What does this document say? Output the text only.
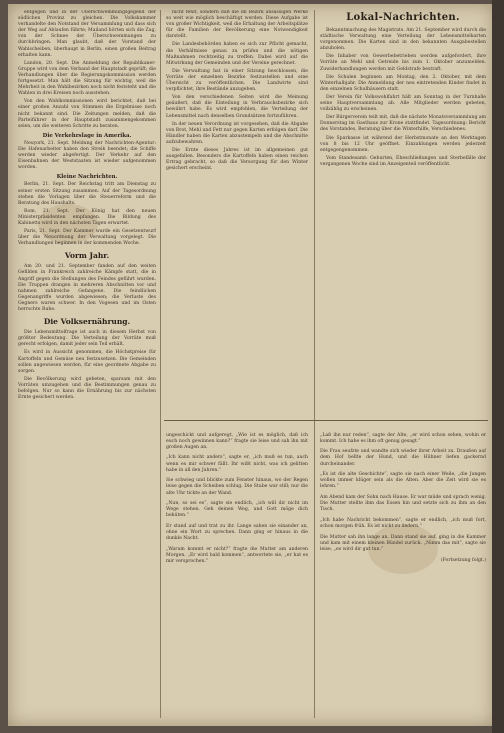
entgegen und in der Überschwemmungsgegend der südlichen Provinz zu gleichen. Die Volkskammer verhandelte den Notstand der Versammlung und dass sich der Weg auf Ablaufen führte; Mailand hörten sich die Zug, von der Schnee der Überschwemmungen zu durchbringen. Man glaubt, daß der Vorstand der Wahlscheiben, überhaupt in Berlin, einen großen Beitrag erhalten kann.

Landon, 20. Sept. Die Anmeldung der Republikaner-Gruppe wird von dem Verband der Hauptstadt geprüft; die Verhandlungen über die Regierungskommission werden fortgesetzt. Man hält die Sitzung für wichtig, weil die Mehrheit in den Wahlbezirken noch nicht feststeht und die Wahlen in drei Kreisen noch ausstehen.

Von den Wahlkommissionen wird berichtet, daß bei einer großen Anzahl von Stimmen die Ergebnisse noch nicht bekannt sind. Die Zeitungen melden, daß die Parteiführer in der Hauptstadt zusammengekommen seien, um die weiteren Schritte zu beraten.

Die Verkehrslage in Amerika.

Neuyork, 21. Sept. Meldung der Nachrichten-Agentur: Die Hafenarbeiter haben den Streik beendet; die Schiffe werden wieder abgefertigt. Der Verkehr auf den Eisenbahnen der Weststaaten ist wieder aufgenommen worden.

Kleine Nachrichten.

Berlin, 21. Sept. Der Reichstag tritt am Dienstag zu seiner ersten Sitzung zusammen. Auf der Tagesordnung stehen die Vorlagen über die Steuerreform und die Beratung des Haushalts.

Rom, 21. Sept. Der König hat den neuen Ministerpräsidenten empfangen. Die Bildung des Kabinetts wird in den nächsten Tagen erwartet.

Paris, 21. Sept. Der Kammer wurde ein Gesetzentwurf über die Neuordnung der Verwaltung vorgelegt. Die Verhandlungen beginnen in der kommenden Woche.

Vorm Jahr.

Am 20. und 21. September fanden auf den weiten Gefilden in Frankreich zahlreiche Kämpfe statt, die in Angriff gegen die Stellungen des Feindes geführt wurden. Die Truppen drangen in mehreren Abschnitten vor und nahmen zahlreiche Gefangene. Die feindlichen Gegenangriffe wurden abgewiesen; die Verluste des Gegners waren schwer. In den Vogesen und im Osten herrschte Ruhe.

Die Volksernährung.

Die Lebensmittelfrage ist auch in diesem Herbst von größter Bedeutung. Die Verteilung der Vorräte muß gerecht erfolgen, damit jeder sein Teil erhält.

Es wird in Aussicht genommen, die Höchstpreise für Kartoffeln und Gemüse neu festzusetzen. Die Gemeinden sollen angewiesen werden, für eine geordnete Abgabe zu sorgen.

Die Bevölkerung wird gebeten, sparsam mit den Vorräten umzugehen und die Bestimmungen genau zu befolgen. Nur so kann die Ernährung bis zur nächsten Ernte gesichert werden.

nicht fehlt, sondern daß die im Bezirk ansässigen Werke so weit wie möglich beschäftigt werden. Diese Aufgabe ist von großer Wichtigkeit, weil die Erhaltung der Arbeitsplätze für die Familien der Bevölkerung eine Notwendigkeit darstellt.

Die Landesbehörden haben es sich zur Pflicht gemacht, die Verhältnisse genau zu prüfen und die nötigen Maßnahmen rechtzeitig zu treffen. Dabei wird auf die Mitwirkung der Gemeinden und der Vereine gerechnet.

Die Verwaltung hat in einer Sitzung beschlossen, die Vorräte der einzelnen Bezirke festzustellen und eine Übersicht zu veröffentlichen. Die Landwirte sind verpflichtet, ihre Bestände anzugeben.

Von den verschiedenen Seiten wird die Meinung geäußert, daß die Einteilung in Verbrauchsbezirke sich bewährt habe. Es wird empfohlen, die Verteilung der Lebensmittel nach denselben Grundsätzen fortzuführen.

In der neuen Verordnung ist vorgesehen, daß die Abgabe von Brot, Mehl und Fett nur gegen Karten erfolgen darf. Die Händler haben die Karten abzustempeln und die Abschnitte aufzubewahren.

Die Ernte dieses Jahres ist im allgemeinen gut ausgefallen. Besonders die Kartoffeln haben einen reichen Ertrag gebracht, so daß die Versorgung für den Winter gesichert erscheint.

Lokal-Nachrichten.

Bekanntmachung des Magistrats. Am 21. September wird durch die städtische Verwaltung eine Verteilung der Lebensmittelkarten vorgenommen. Die Karten sind in den bekannten Ausgabestellen abzuholen.

Die Inhaber von Gewerbebetrieben werden aufgefordert, ihre Vorräte an Mehl und Getreide bis zum 1. Oktober anzumelden. Zuwiderhandlungen werden mit Geldstrafe bestraft.

Die Schulen beginnen am Montag, den 2. Oktober, mit dem Winterhalbjahr. Die Anmeldung der neu eintretenden Kinder findet in den einzelnen Schulhäusern statt.

Der Verein für Volkswohlfahrt hält am Sonntag in der Turnhalle seine Hauptversammlung ab. Alle Mitglieder werden gebeten, vollzählig zu erscheinen.

Der Bürgerverein teilt mit, daß die nächste Monatsversammlung am Donnerstag im Gasthaus zur Krone stattfindet. Tagesordnung: Bericht des Vorstandes, Beratung über die Winterhilfe, Verschiedenes.

Die Sparkasse ist während der Herbstmonate an den Werktagen von 8 bis 12 Uhr geöffnet. Einzahlungen werden jederzeit entgegengenommen.

Vom Standesamt: Geburten, Eheschließungen und Sterbefälle der vergangenen Woche sind im Anzeigenteil veröffentlicht.

ungeschickt und aufgeregt, „Wie ist es möglich, daß ich euch noch gewinnen kann?“ fragte sie leise und sah ihn mit großen Augen an.

„Ich kann nicht anders“, sagte er, „ich muß es tun, auch wenn es mir schwer fällt. Ihr wißt nicht, was ich gelitten habe in all den Jahren.“

Sie schwieg und blickte zum Fenster hinaus, wo der Regen leise gegen die Scheiben schlug. Die Stube war still; nur die alte Uhr tickte an der Wand.

„Nun, so sei es“, sagte sie endlich, „ich will dir nicht im Wege stehen. Geh deinen Weg, und Gott möge dich behüten.“

Er stand auf und trat zu ihr. Lange sahen sie einander an, ohne ein Wort zu sprechen. Dann ging er hinaus in die dunkle Nacht.

„Warum kommt er nicht?“ fragte die Mutter am anderen Morgen. „Er wird bald kommen“, antwortete sie, „er hat es mir versprochen.“

„Laß ihn nur reden“, sagte der Alte, „er wird schon sehen, wohin er kommt. Ich habe es ihm oft genug gesagt.“

Die Frau seufzte und wandte sich wieder ihrer Arbeit zu. Draußen auf dem Hof bellte der Hund, und die Hühner liefen gackernd durcheinander.

„Es ist die alte Geschichte“, sagte sie nach einer Weile, „die Jungen wollen immer klüger sein als die Alten. Aber die Zeit wird sie es lehren.“

Am Abend kam der Sohn nach Hause. Er war müde und sprach wenig. Die Mutter stellte ihm das Essen hin und setzte sich zu ihm an den Tisch.

„Ich habe Nachricht bekommen“, sagte er endlich, „ich muß fort, schon morgen früh. Es ist nicht zu ändern.“

Die Mutter sah ihn lange an. Dann stand sie auf, ging in die Kammer und kam mit einem kleinen Bündel zurück. „Nimm das mit“, sagte sie leise, „es wird dir gut tun.“

(Fortsetzung folgt.)
